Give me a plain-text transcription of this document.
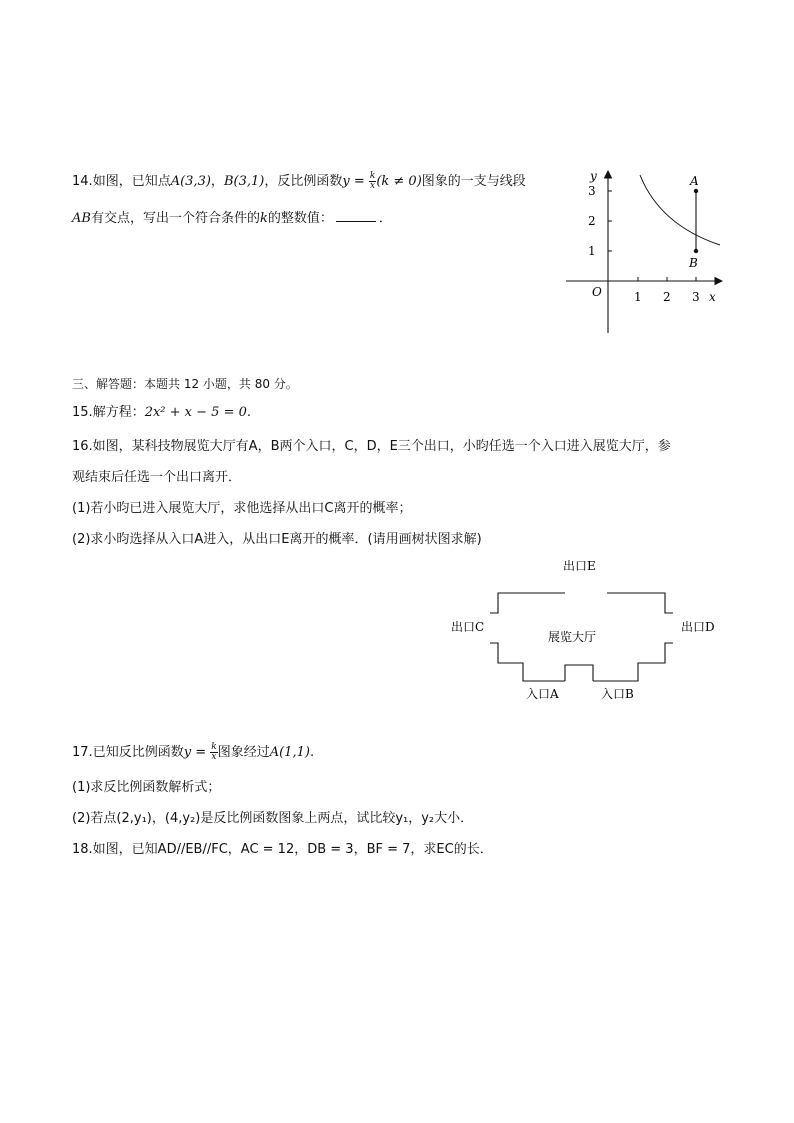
14.如图，已知点A(3,3)，B(3,1)，反比例函数$y = \frac{k}{x} (k \ne 0)$图象的一支与线段
AB有交点，写出一个符合条件的k的整数值：	．
y
x
O	1 2 3
1
2
3
A
B
三、解答题：本题共 12 小题，共 80 分。
15.解方程：2x² + x − 5 = 0.
16.如图，某科技物展览大厅有A，B两个入口，C，D，E三个出口，小昀任选一个入口进入展览大厅，参
观结束后任选一个出口离开．
(1)若小昀已进入展览大厅，求他选择从出口C离开的概率；
(2)求小昀选择从入口A进入，从出口E离开的概率．(请用画树状图求解)
出口E
出口C	出口D
展览大厅
入口A	入口B
17.已知反比例函数$y = \frac{k}{x}$ 图象经过A(1,1).
(1)求反比例函数解析式；
(2)若点(2,y₁)，(4,y₂)是反比例函数图象上两点，试比较y₁，y₂大小．
18.如图，已知AD//EB//FC，AC = 12，DB = 3，BF = 7，求EC的长．
